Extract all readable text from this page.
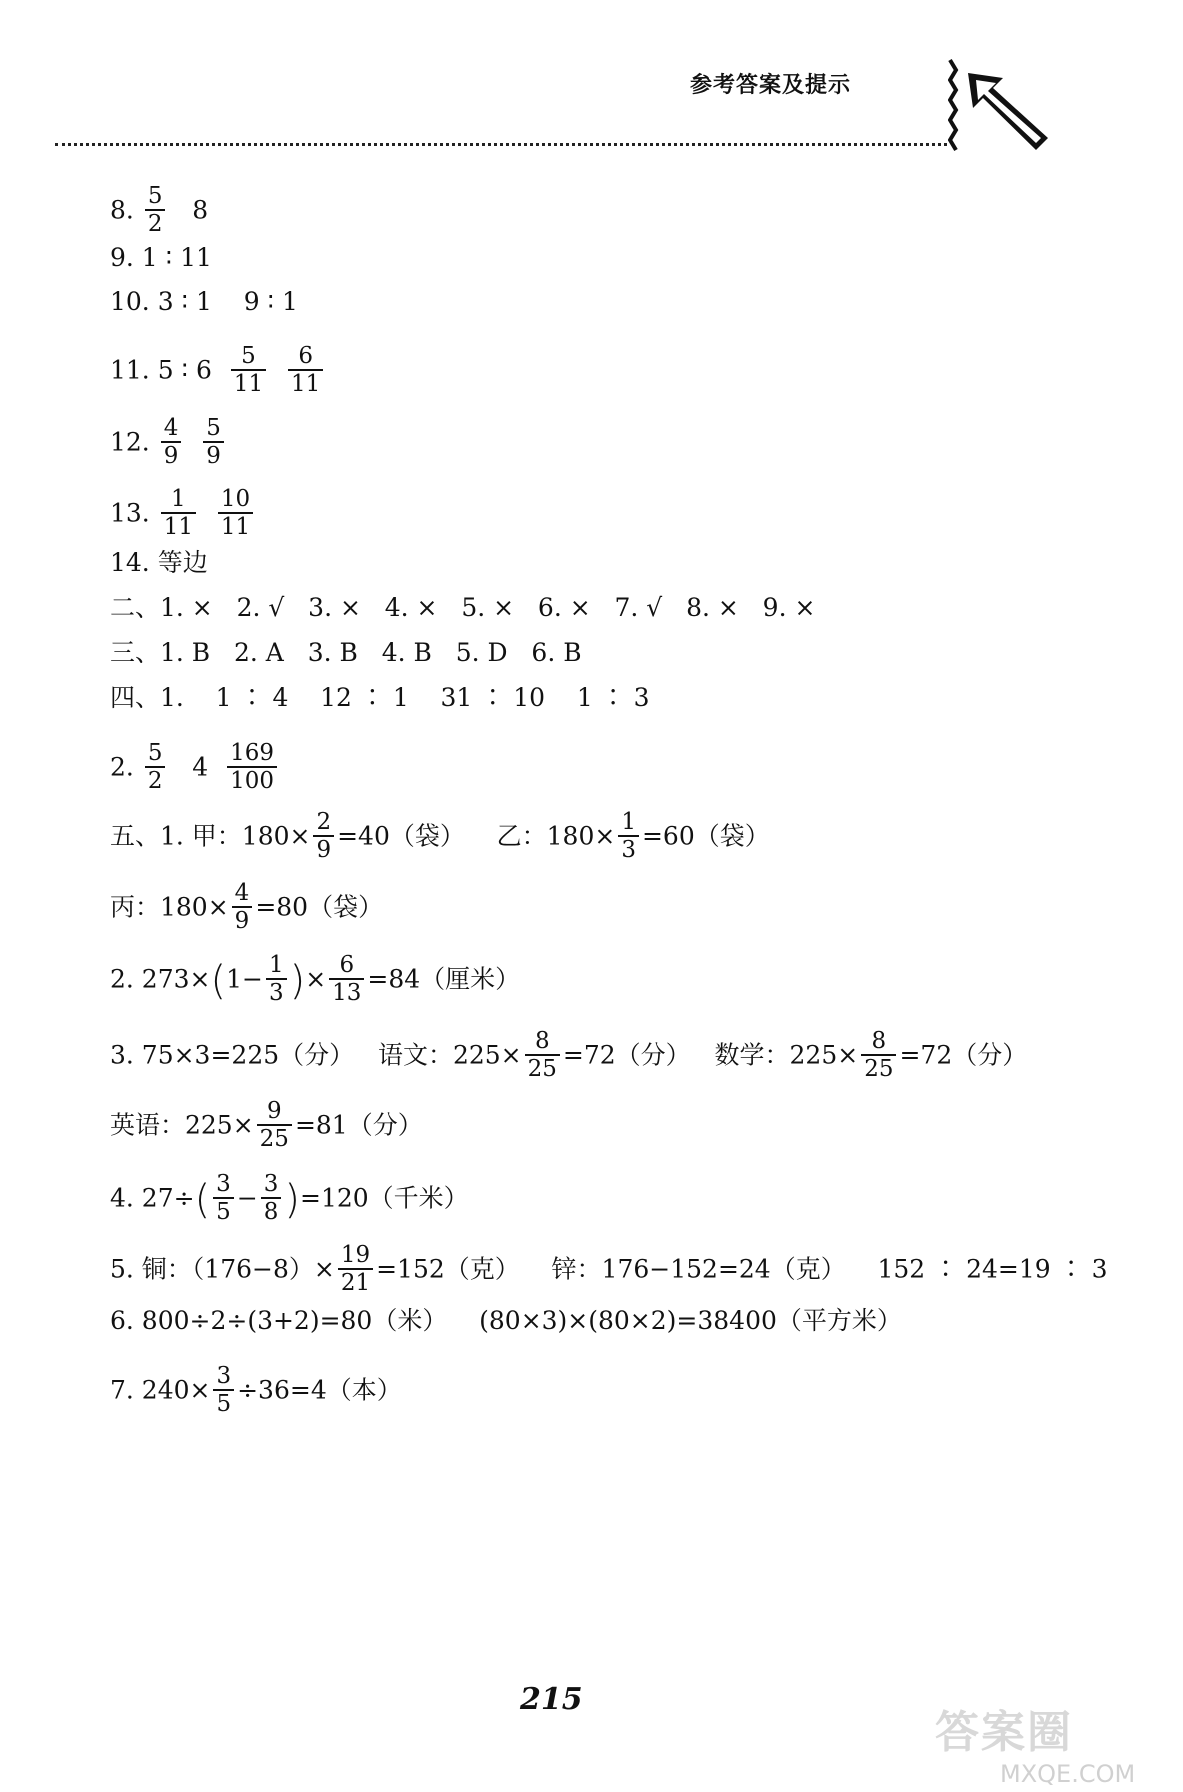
参考答案及提示
8. $\frac{5}{2} 8$
9. 1 ∶ 11
10. 3 ∶ 1    9 ∶ 1
11. 5 ∶ $6 \frac{5}{11}$
$\frac{6}{11}$
12. $\frac{4}{9}$
$\frac{5}{9}$
13. $\frac{1}{11}$
$\frac{10}{11}$
14. 等边
二、1. ×   2. √   3. ×   4. ×   5. ×   6. ×   7. √   8. ×   9. ×
三、1. B   2. A   3. B   4. B   5. D   6. B
四、1.    1 ∶ 4    12 ∶ 1    31 ∶ 10    1 ∶ 3
2. $\frac{5}{2} 4 \frac{169}{100}$
五、1. 甲：$180\times \frac{2}{9} =40$（袋）    乙：$180\times \frac{1}{3} =60$（袋）
丙：$180\times \frac{4}{9} =80$（袋）
2. $273\times(1- \frac{1}{3}$ )× $\frac{6}{13} =84$（厘米）
3. 75×3=225（分）   语文：$225\times \frac{8}{25} =72$（分）   数学：$225\times \frac{8}{25} =72$（分）
英语：$225\times \frac{9}{25} =81$（分）
4. $27\div( \frac{3}{5} - \frac{3}{8} )=120$（千米）
5. 铜：$(176-8)\times \frac{19}{21} =152$（克）    锌：176−152=24（克）    152 ∶ 24=19 ∶ 3
6. 800÷2÷(3+2)=80（米）    (80×3)×(80×2)=38400（平方米）
7. $240\times \frac{3}{5} \div 36=4$（本）
215
答案圈
MXQE.COM
